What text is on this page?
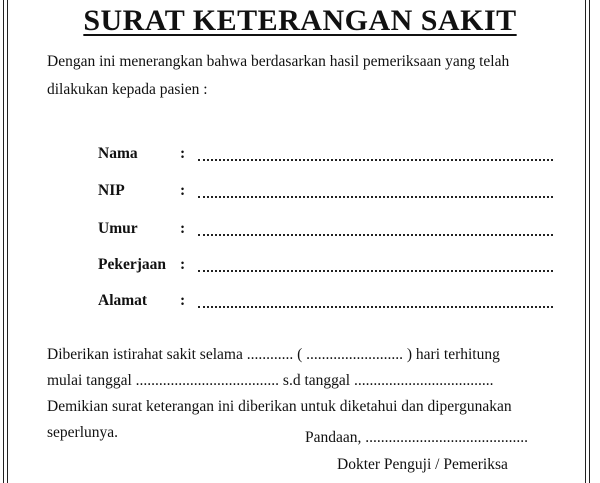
SURAT KETERANGAN SAKIT
Dengan ini menerangkan bahwa berdasarkan hasil pemeriksaan yang telah dilakukan kepada pasien :
Nama	:
NIP	:
Umur	:
Pekerjaan :
Alamat :
Diberikan istirahat sakit selama ............ ( ......................... ) hari terhitung
mulai tanggal ..................................... s.d tanggal ....................................
Demikian surat keterangan ini diberikan untuk diketahui dan dipergunakan
seperlunya.	Pandaan, ..........................................
Dokter Penguji / Pemeriksa
